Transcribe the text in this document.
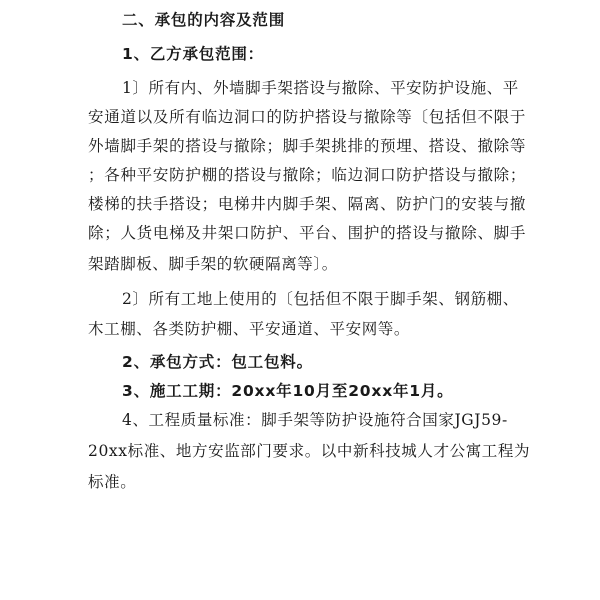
二、承包的内容及范围
1、乙方承包范围：
1〕所有内、外墙脚手架搭设与撤除、平安防护设施、平
安通道以及所有临边洞口的防护搭设与撤除等〔包括但不限于
外墙脚手架的搭设与撤除；脚手架挑排的预埋、搭设、撤除等
；各种平安防护棚的搭设与撤除；临边洞口防护搭设与撤除；
楼梯的扶手搭设；电梯井内脚手架、隔离、防护门的安装与撤
除；人货电梯及井架口防护、平台、围护的搭设与撤除、脚手
架踏脚板、脚手架的软硬隔离等〕。
2〕所有工地上使用的〔包括但不限于脚手架、钢筋棚、
木工棚、各类防护棚、平安通道、平安网等。
2、承包方式：包工包料。
3、施工工期：20xx年10月至20xx年1月。
4、工程质量标准：脚手架等防护设施符合国家JGJ59-
20xx标准、地方安监部门要求。以中新科技城人才公寓工程为
标准。
